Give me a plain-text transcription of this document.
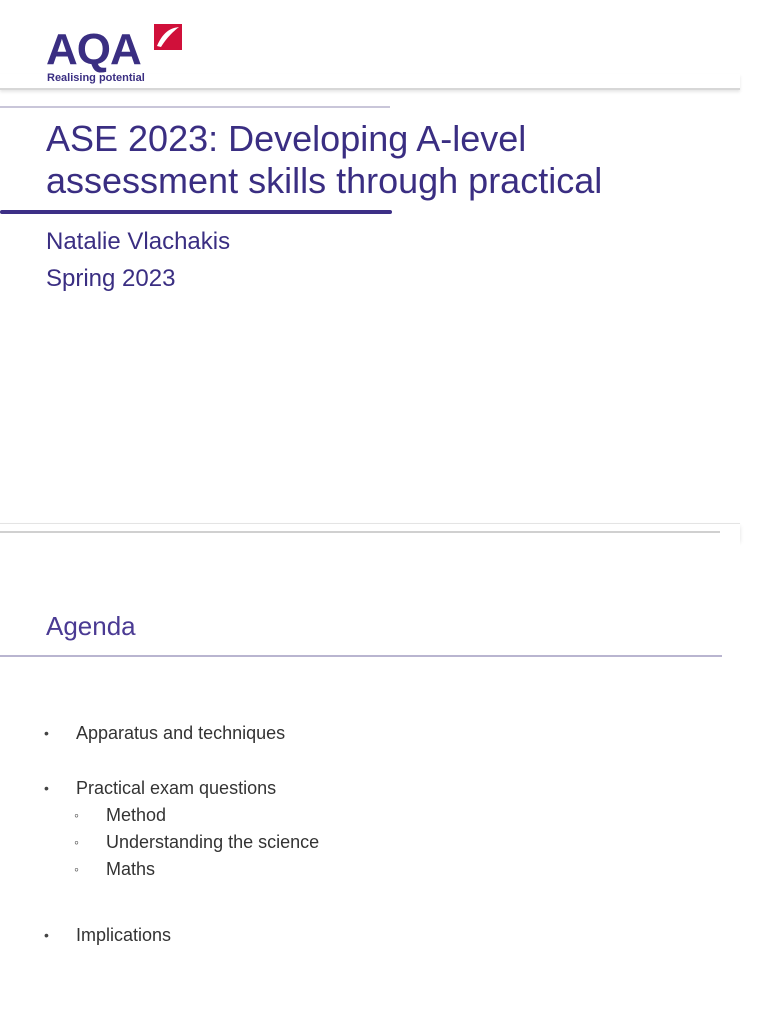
AQA
Realising potential
ASE 2023: Developing A-level
assessment skills through practical
Natalie Vlachakis
Spring 2023
Agenda
• Apparatus and techniques
• Practical exam questions
◦ Method
◦ Understanding the science
◦ Maths
• Implications
